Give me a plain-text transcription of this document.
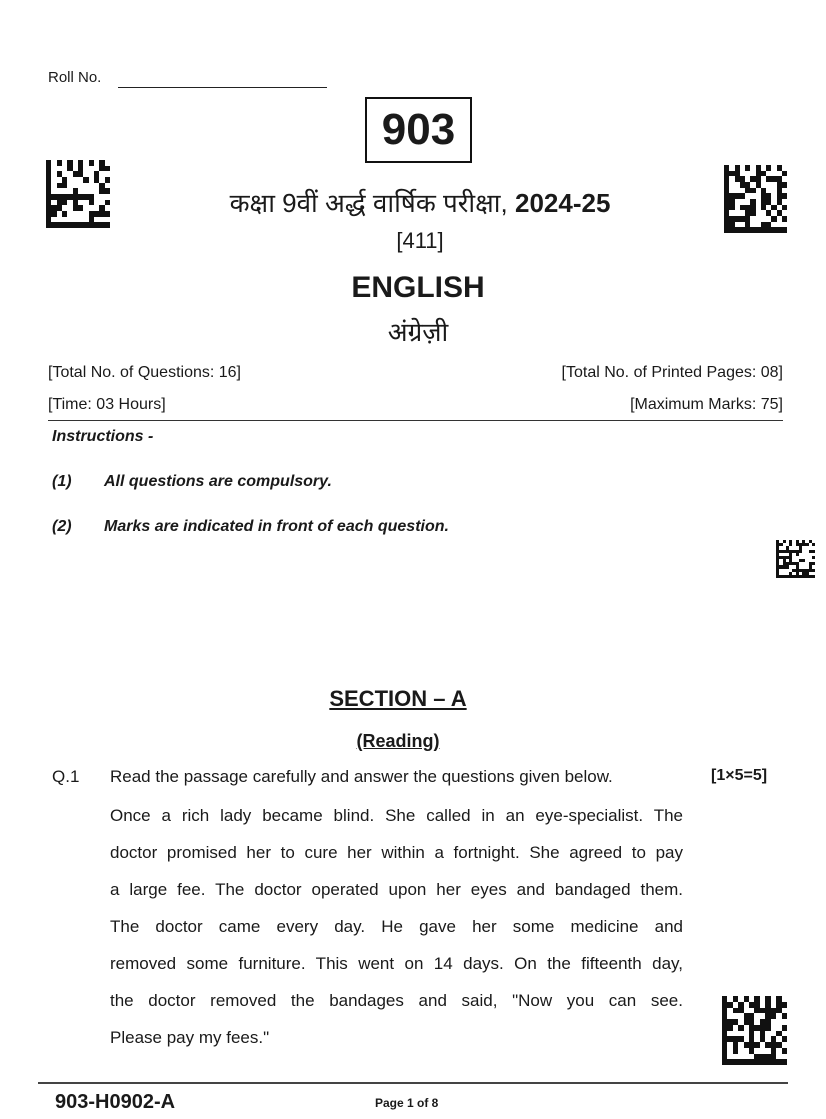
Roll No.
903
कक्षा 9वीं अर्द्ध वार्षिक परीक्षा, 2024-25
[411]
ENGLISH
अंग्रेज़ी
[Total No. of Questions: 16]	[Total No. of Printed Pages: 08]
[Time: 03 Hours]	[Maximum Marks: 75]
Instructions -
(1) All questions are compulsory.
(2) Marks are indicated in front of each question.
SECTION – A
(Reading)
Q.1 Read the passage carefully and answer the questions given below.	[1×5=5]
Once a rich lady became blind. She called in an eye-specialist. The
doctor promised her to cure her within a fortnight. She agreed to pay
a large fee. The doctor operated upon her eyes and bandaged them.
The doctor came every day. He gave her some medicine and
removed some furniture. This went on 14 days. On the fifteenth day,
the doctor removed the bandages and said, "Now you can see.
Please pay my fees."
903-H0902-A	Page 1 of 8
